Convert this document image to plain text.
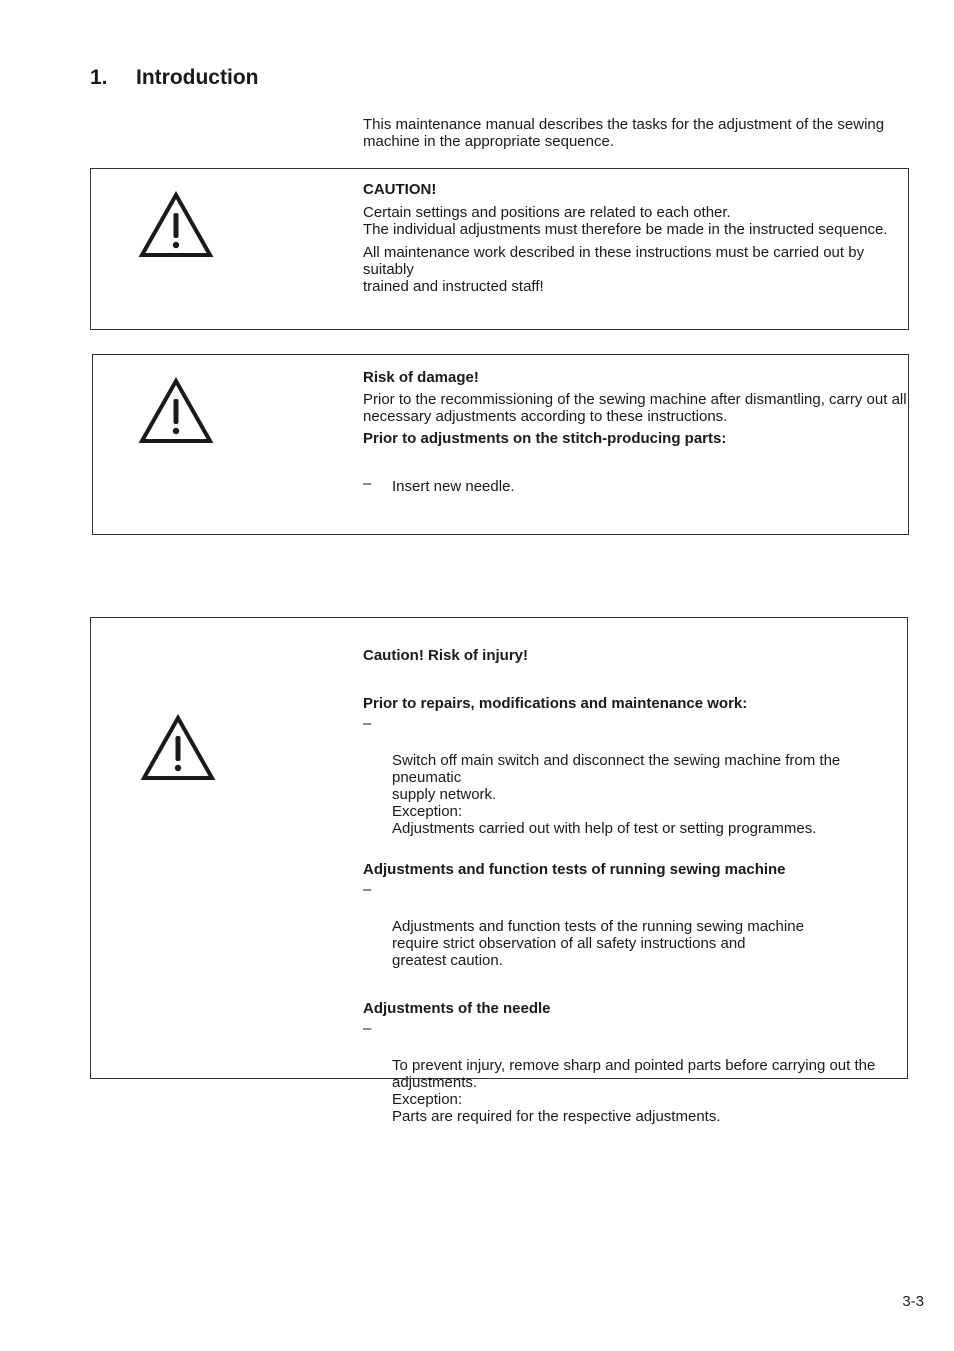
1. Introduction
This maintenance manual describes the tasks for the adjustment of the sewing machine in the appropriate sequence.

CAUTION!

Certain settings and positions are related to each other.
The individual adjustments must therefore be made in the instructed sequence.

All maintenance work described in these instructions must be carried out by suitably
trained and instructed staff!

Risk of damage!

Prior to the recommissioning of the sewing machine after dismantling, carry out all necessary adjustments according to these instructions.

Prior to adjustments on the stitch-producing parts:

– Insert new needle.

Caution! Risk of injury!

Prior to repairs, modifications and maintenance work:

–

Switch off main switch and disconnect the sewing machine from the pneumatic
supply network.
Exception:
Adjustments carried out with help of test or setting programmes.

Adjustments and function tests of running sewing machine

–

Adjustments and function tests of the running sewing machine
require strict observation of all safety instructions and
greatest caution.

Adjustments of the needle

–

To prevent injury, remove sharp and pointed parts before carrying out the
adjustments.
Exception:
Parts are required for the respective adjustments.

3-3
